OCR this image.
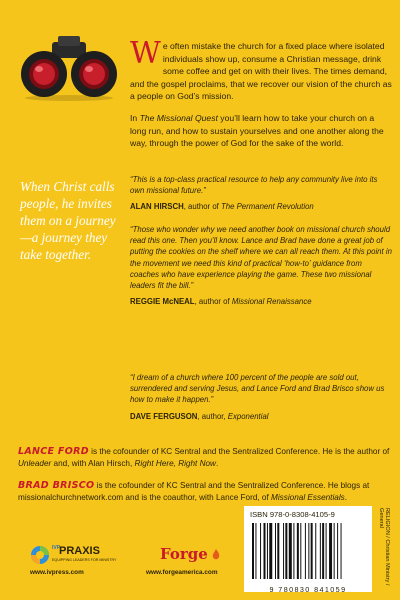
We often mistake the church for a fixed place where isolated individuals show up, consume a Christian message, drink some coffee and get on with their lives. The times demand, and the gospel proclaims, that we recover our vision of the church as a people on God’s mission.
When Christ calls people, he invites them on a journey—a journey they take together.
In The Missional Quest you’ll learn how to take your church on a long run, and how to sustain yourselves and one another along the way, through the power of God for the sake of the world.
“This is a top-class practical resource to help any community live into its own missional future.”
ALAN HIRSCH, author of The Permanent Revolution
“Those who wonder why we need another book on missional church should read this one. Then you’ll know. Lance and Brad have done a great job of putting the cookies on the shelf where we can all reach them. At this point in the movement we need this kind of practical ‘how-to’ guidance from coaches who have experience playing the game. These two missional leaders fit the bill.”
REGGIE McNEAL, author of Missional Renaissance
“I dream of a church where 100 percent of the people are sold out, surrendered and serving Jesus, and Lance Ford and Brad Brisco show us how to make it happen.”
DAVE FERGUSON, author, Exponential
LANCE FORD is the cofounder of KC Sentral and the Sentralized Conference. He is the author of Unleader and, with Alan Hirsch, Right Here, Right Now.
BRAD BRISCO is the cofounder of KC Sentral and the Sentralized Conference. He blogs at missionalchurchnetwork.com and is the coauthor, with Lance Ford, of Missional Essentials.
ISBN 978-0-8308-4105-9
9 780830 841059
RELIGION / Christian Ministry / General
IVP
PRAXIS
EQUIPPING LEADERS FOR MINISTRY
www.ivpress.com
Forge
www.forgeamerica.com
